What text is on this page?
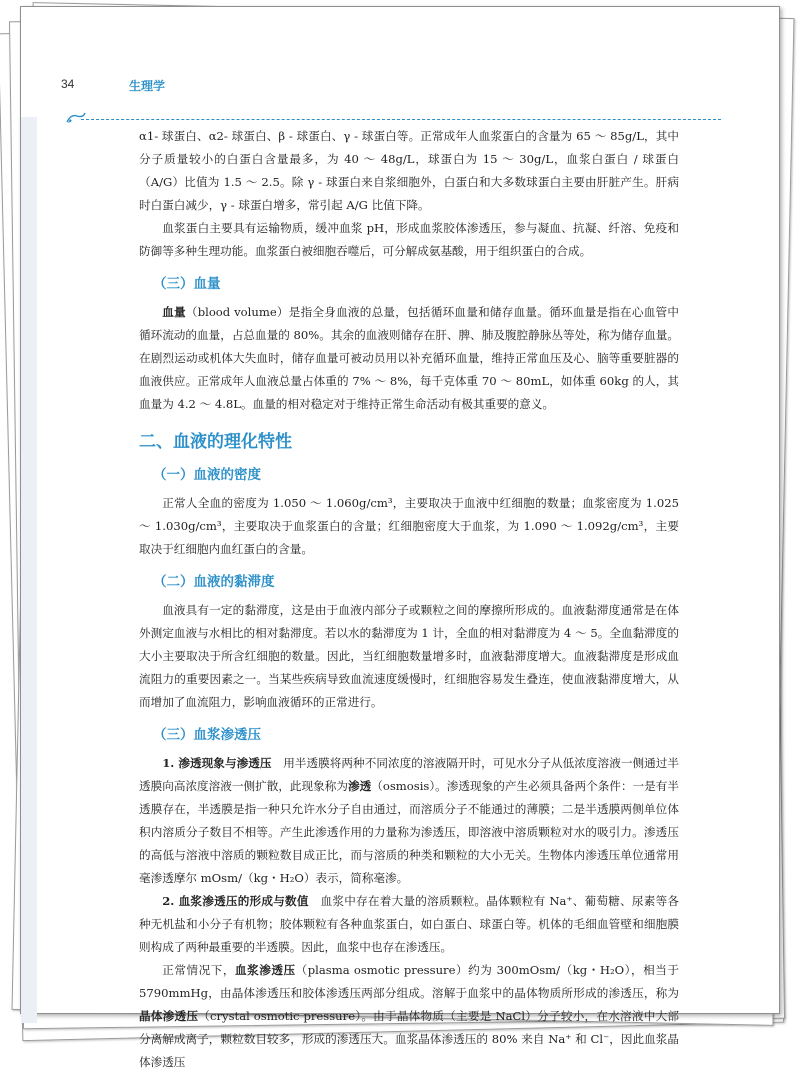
34	生理学

α1- 球蛋白、α2- 球蛋白、β - 球蛋白、γ - 球蛋白等。正常成年人血浆蛋白的含量为 65 ～ 85g/L，其中分子质量较小的白蛋白含量最多，为 40 ～ 48g/L，球蛋白为 15 ～ 30g/L，血浆白蛋白 / 球蛋白（A/G）比值为 1.5 ～ 2.5。除 γ - 球蛋白来自浆细胞外，白蛋白和大多数球蛋白主要由肝脏产生。肝病时白蛋白减少，γ - 球蛋白增多，常引起 A/G 比值下降。

血浆蛋白主要具有运输物质，缓冲血浆 pH，形成血浆胶体渗透压，参与凝血、抗凝、纤溶、免疫和防御等多种生理功能。血浆蛋白被细胞吞噬后，可分解成氨基酸，用于组织蛋白的合成。

（三）血量

血量（blood volume）是指全身血液的总量，包括循环血量和储存血量。循环血量是指在心血管中循环流动的血量，占总血量的 80%。其余的血液则储存在肝、脾、肺及腹腔静脉丛等处，称为储存血量。在剧烈运动或机体大失血时，储存血量可被动员用以补充循环血量，维持正常血压及心、脑等重要脏器的血液供应。正常成年人血液总量占体重的 7% ～ 8%，每千克体重 70 ～ 80mL，如体重 60kg 的人，其血量为 4.2 ～ 4.8L。血量的相对稳定对于维持正常生命活动有极其重要的意义。

二、血液的理化特性
（一）血液的密度

正常人全血的密度为 1.050 ～ 1.060g/cm³，主要取决于血液中红细胞的数量；血浆密度为 1.025 ～ 1.030g/cm³，主要取决于血浆蛋白的含量；红细胞密度大于血浆，为 1.090 ～ 1.092g/cm³，主要取决于红细胞内血红蛋白的含量。

（二）血液的黏滞度

血液具有一定的黏滞度，这是由于血液内部分子或颗粒之间的摩擦所形成的。血液黏滞度通常是在体外测定血液与水相比的相对黏滞度。若以水的黏滞度为 1 计，全血的相对黏滞度为 4 ～ 5。全血黏滞度的大小主要取决于所含红细胞的数量。因此，当红细胞数量增多时，血液黏滞度增大。血液黏滞度是形成血流阻力的重要因素之一。当某些疾病导致血流速度缓慢时，红细胞容易发生叠连，使血液黏滞度增大，从而增加了血流阻力，影响血液循环的正常进行。

（三）血浆渗透压

1. 渗透现象与渗透压　 用半透膜将两种不同浓度的溶液隔开时，可见水分子从低浓度溶液一侧通过半透膜向高浓度溶液一侧扩散，此现象称为渗透（osmosis）。渗透现象的产生必须具备两个条件：一是有半透膜存在，半透膜是指一种只允许水分子自由通过，而溶质分子不能通过的薄膜；二是半透膜两侧单位体积内溶质分子数目不相等。产生此渗透作用的力量称为渗透压，即溶液中溶质颗粒对水的吸引力。渗透压的高低与溶液中溶质的颗粒数目成正比，而与溶质的种类和颗粒的大小无关。生物体内渗透压单位通常用毫渗透摩尔 mOsm/（kg・H₂O）表示，简称毫渗。

2. 血浆渗透压的形成与数值　 血浆中存在着大量的溶质颗粒。晶体颗粒有 Na⁺、葡萄糖、尿素等各种无机盐和小分子有机物；胶体颗粒有各种血浆蛋白，如白蛋白、球蛋白等。机体的毛细血管壁和细胞膜则构成了两种最重要的半透膜。因此，血浆中也存在渗透压。

正常情况下，血浆渗透压（plasma osmotic pressure）约为 300mOsm/（kg・H₂O），相当于 5790mmHg，由晶体渗透压和胶体渗透压两部分组成。溶解于血浆中的晶体物质所形成的渗透压，称为晶体渗透压（crystal osmotic pressure）。由于晶体物质（主要是 NaCl）分子较小，在水溶液中大部分离解成离子，颗粒数目较多，形成的渗透压大。血浆晶体渗透压的 80% 来自 Na⁺ 和 Cl⁻，因此血浆晶体渗透压
